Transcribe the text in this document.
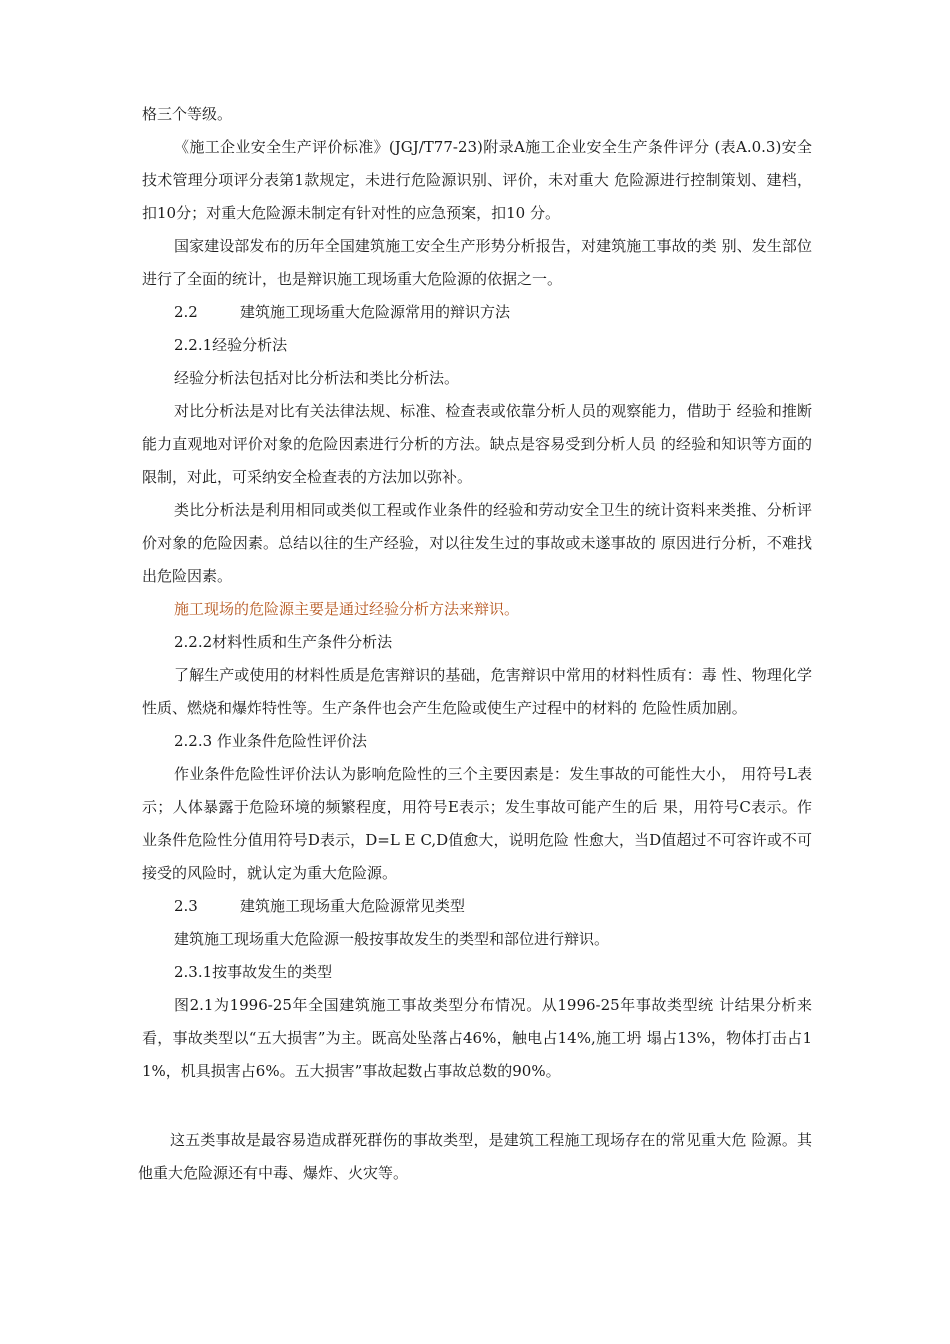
格三个等级。

《施工企业安全生产评价标准》(JGJ/T77-23)附录A施工企业安全生产条件评分 (表A.0.3)安全技术管理分项评分表第1款规定，未进行危险源识别、评价，未对重大 危险源进行控制策划、建档，扣10分；对重大危险源未制定有针对性的应急预案，扣10 分。

国家建设部发布的历年全国建筑施工安全生产形势分析报告，对建筑施工事故的类 别、发生部位进行了全面的统计，也是辩识施工现场重大危险源的依据之一。

2.2	建筑施工现场重大危险源常用的辩识方法

2.2.1经验分析法

经验分析法包括对比分析法和类比分析法。

对比分析法是对比有关法律法规、标准、检查表或依靠分析人员的观察能力，借助于 经验和推断能力直观地对评价对象的危险因素进行分析的方法。缺点是容易受到分析人员 的经验和知识等方面的限制，对此，可采纳安全检查表的方法加以弥补。

类比分析法是利用相同或类似工程或作业条件的经验和劳动安全卫生的统计资料来类推、分析评价对象的危险因素。总结以往的生产经验，对以往发生过的事故或未遂事故的 原因进行分析，不难找出危险因素。

施工现场的危险源主要是通过经验分析方法来辩识。

2.2.2材料性质和生产条件分析法

了解生产或使用的材料性质是危害辩识的基础，危害辩识中常用的材料性质有：毒 性、物理化学性质、燃烧和爆炸特性等。生产条件也会产生危险或使生产过程中的材料的 危险性质加剧。

2.2.3 作业条件危险性评价法

作业条件危险性评价法认为影响危险性的三个主要因素是：发生事故的可能性大小， 用符号L表示；人体暴露于危险环境的频繁程度，用符号E表示；发生事故可能产生的后 果，用符号C表示。作业条件危险性分值用符号D表示，D=L E C,D值愈大，说明危险 性愈大，当D值超过不可容许或不可接受的风险时，就认定为重大危险源。

2.3	建筑施工现场重大危险源常见类型

建筑施工现场重大危险源一般按事故发生的类型和部位进行辩识。

2.3.1按事故发生的类型

图2.1为1996-25年全国建筑施工事故类型分布情况。从1996-25年事故类型统 计结果分析来看，事故类型以“五大损害”为主。既高处坠落占46%，触电占14%,施工坍 塌占13%，物体打击占11%，机具损害占6%。五大损害”事故起数占事故总数的90%。

这五类事故是最容易造成群死群伤的事故类型，是建筑工程施工现场存在的常见重大危 险源。其他重大危险源还有中毒、爆炸、火灾等。
